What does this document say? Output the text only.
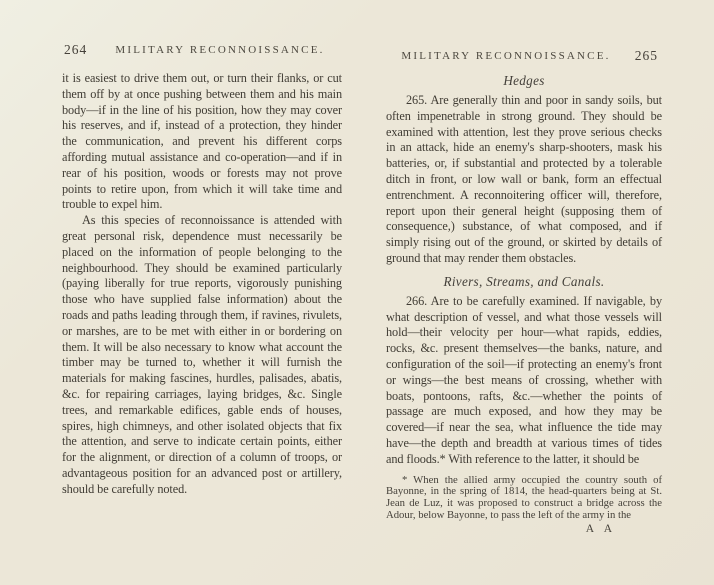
264	MILITARY RECONNOISSANCE.

it is easiest to drive them out, or turn their flanks, or cut them off by at once pushing between them and his main body—if in the line of his position, how they may cover his reserves, and if, instead of a protection, they hinder the communication, and prevent his different corps affording mutual assistance and co-operation—and if in rear of his position, woods or forests may not prove points to retire upon, from which it will take time and trouble to expel him.

As this species of reconnoissance is attended with great personal risk, dependence must necessarily be placed on the information of people belonging to the neighbourhood. They should be examined particularly (paying liberally for true reports, vigorously punishing those who have supplied false information) about the roads and paths leading through them, if ravines, rivulets, or marshes, are to be met with either in or bordering on them. It will be also necessary to know what account the timber may be turned to, whether it will furnish the materials for making fascines, hurdles, palisades, abatis, &c. for repairing carriages, laying bridges, &c. Single trees, and remarkable edifices, gable ends of houses, spires, high chimneys, and other isolated objects that fix the attention, and serve to indicate certain points, either for the alignment, or direction of a column of troops, or advantageous position for an advanced post or artillery, should be carefully noted.

MILITARY RECONNOISSANCE.	265
Hedges

265. Are generally thin and poor in sandy soils, but often impenetrable in strong ground. They should be examined with attention, lest they prove serious checks in an attack, hide an enemy's sharp-shooters, mask his batteries, or, if substantial and protected by a tolerable ditch in front, or low wall or bank, form an effectual entrenchment. A reconnoitering officer will, therefore, report upon their general height (supposing them of consequence,) substance, of what composed, and if simply rising out of the ground, or skirted by details of ground that may render them obstacles.

Rivers, Streams, and Canals.

266. Are to be carefully examined. If navigable, by what description of vessel, and what those vessels will hold—their velocity per hour—what rapids, eddies, rocks, &c. present themselves—the banks, nature, and configuration of the soil—if protecting an enemy's front or wings—the best means of crossing, whether with boats, pontoons, rafts, &c.—whether the points of passage are much exposed, and how they may be covered—if near the sea, what influence the tide may have—the depth and breadth at various times of tides and floods.* With reference to the latter, it should be

* When the allied army occupied the country south of Bayonne, in the spring of 1814, the head-quarters being at St. Jean de Luz, it was proposed to construct a bridge across the Adour, below Bayonne, to pass the left of the army in the

A A
